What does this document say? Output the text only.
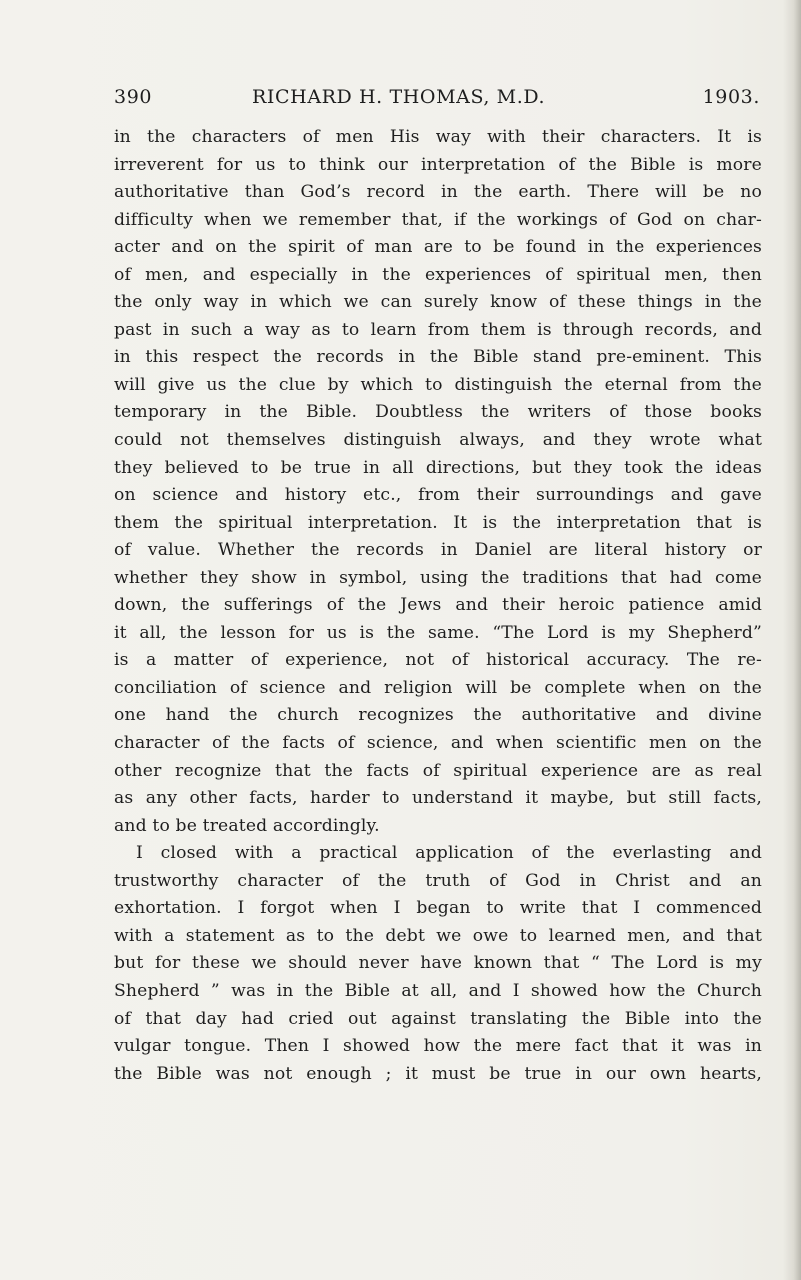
390	RICHARD H. THOMAS, M.D.	1903.
in the characters of men His way with their characters. It is
irreverent for us to think our interpretation of the Bible is more
authoritative than God’s record in the earth. There will be no
difficulty when we remember that, if the workings of God on char-
acter and on the spirit of man are to be found in the experiences
of men, and especially in the experiences of spiritual men, then
the only way in which we can surely know of these things in the
past in such a way as to learn from them is through records, and
in this respect the records in the Bible stand pre-eminent. This
will give us the clue by which to distinguish the eternal from the
temporary in the Bible. Doubtless the writers of those books
could not themselves distinguish always, and they wrote what
they believed to be true in all directions, but they took the ideas
on science and history etc., from their surroundings and gave
them the spiritual interpretation. It is the interpretation that is
of value. Whether the records in Daniel are literal history or
whether they show in symbol, using the traditions that had come
down, the sufferings of the Jews and their heroic patience amid
it all, the lesson for us is the same. “The Lord is my Shepherd”
is a matter of experience, not of historical accuracy. The re-
conciliation of science and religion will be complete when on the
one hand the church recognizes the authoritative and divine
character of the facts of science, and when scientific men on the
other recognize that the facts of spiritual experience are as real
as any other facts, harder to understand it maybe, but still facts,
and to be treated accordingly.
I closed with a practical application of the everlasting and
trustworthy character of the truth of God in Christ and an
exhortation. I forgot when I began to write that I commenced
with a statement as to the debt we owe to learned men, and that
but for these we should never have known that “ The Lord is my
Shepherd ” was in the Bible at all, and I showed how the Church
of that day had cried out against translating the Bible into the
vulgar tongue. Then I showed how the mere fact that it was in
the Bible was not enough ; it must be true in our own hearts,
